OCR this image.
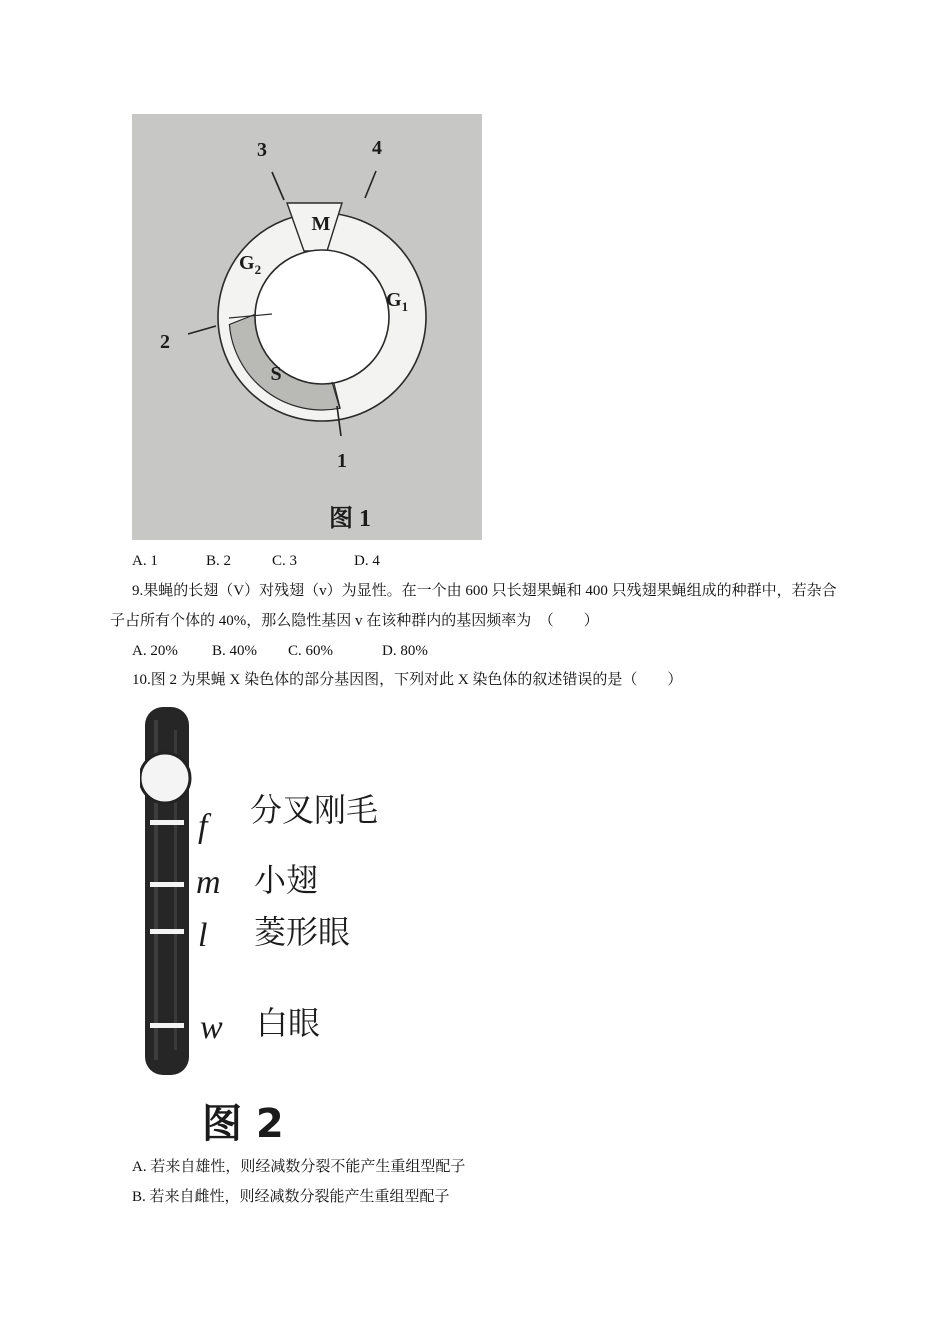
M
S
$G_2$
$G_1$
1
2
3	4
图 1
A. 1	B. 2	C. 3	D. 4
9.果蝇的长翅（V）对残翅（v）为显性。在一个由 600 只长翅果蝇和 400 只残翅果蝇组成的种群中，若杂合子占所有个体的 40%，那么隐性基因 v 在该种群内的基因频率为　（　　）
A. 20% B. 40% C. 60%	D. 80%
10.图 2 为果蝇 X 染色体的部分基因图，下列对此 X 染色体的叙述错误的是（　　）
f
m
l
w
分叉刚毛
小翅
菱形眼
白眼
图 2
A. 若来自雄性，则经减数分裂不能产生重组型配子
B. 若来自雌性，则经减数分裂能产生重组型配子
